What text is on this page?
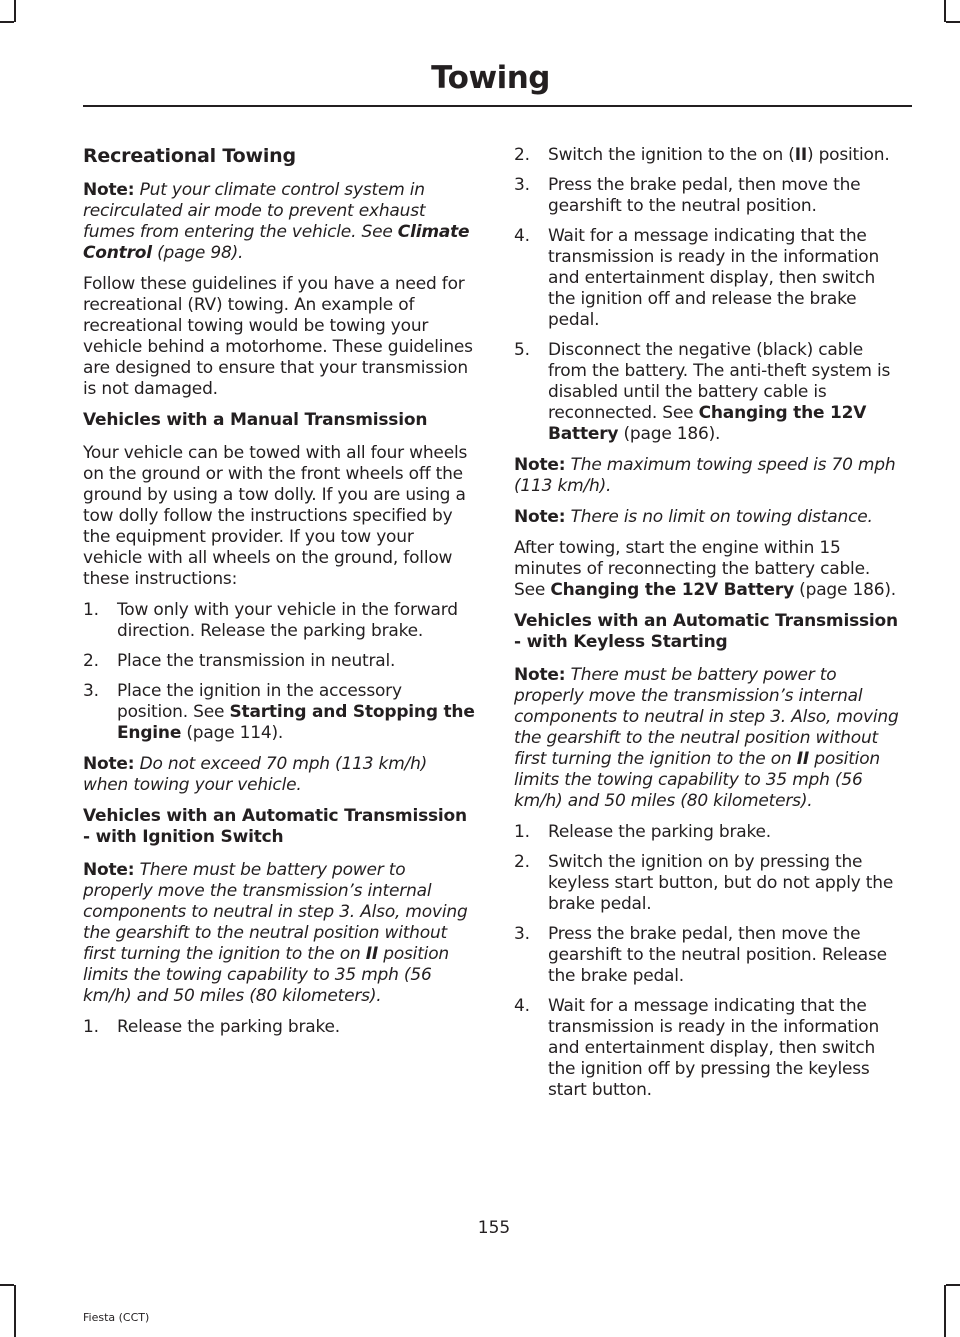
Towing
Recreational Towing

Note: Put your climate control system in recirculated air mode to prevent exhaust fumes from entering the vehicle. See Climate Control (page 98).

Follow these guidelines if you have a need for recreational (RV) towing. An example of recreational towing would be towing your vehicle behind a motorhome. These guidelines are designed to ensure that your transmission is not damaged.

Vehicles with a Manual Transmission

Your vehicle can be towed with all four wheels on the ground or with the front wheels off the ground by using a tow dolly. If you are using a tow dolly follow the instructions specified by the equipment provider. If you tow your vehicle with all wheels on the ground, follow these instructions:

1. Tow only with your vehicle in the forward direction. Release the parking brake.
2. Place the transmission in neutral.
3. Place the ignition in the accessory position. See Starting and Stopping the Engine (page 114).

Note: Do not exceed 70 mph (113 km/h) when towing your vehicle.

Vehicles with an Automatic Transmission - with Ignition Switch

Note: There must be battery power to properly move the transmission’s internal components to neutral in step 3. Also, moving the gearshift to the neutral position without first turning the ignition to the on II position limits the towing capability to 35 mph (56 km/h) and 50 miles (80 kilometers).

1. Release the parking brake.
2. Switch the ignition to the on (II) position.
3. Press the brake pedal, then move the gearshift to the neutral position.
4. Wait for a message indicating that the transmission is ready in the information and entertainment display, then switch the ignition off and release the brake pedal.
5. Disconnect the negative (black) cable from the battery. The anti-theft system is disabled until the battery cable is reconnected. See Changing the 12V Battery (page 186).

Note: The maximum towing speed is 70 mph (113 km/h).

Note: There is no limit on towing distance.

After towing, start the engine within 15 minutes of reconnecting the battery cable. See Changing the 12V Battery (page 186).

Vehicles with an Automatic Transmission - with Keyless Starting

Note: There must be battery power to properly move the transmission’s internal components to neutral in step 3. Also, moving the gearshift to the neutral position without first turning the ignition to the on II position limits the towing capability to 35 mph (56 km/h) and 50 miles (80 kilometers).

1. Release the parking brake.
2. Switch the ignition on by pressing the keyless start button, but do not apply the brake pedal.
3. Press the brake pedal, then move the gearshift to the neutral position. Release the brake pedal.
4. Wait for a message indicating that the transmission is ready in the information and entertainment display, then switch the ignition off by pressing the keyless start button.
155
Fiesta (CCT)
